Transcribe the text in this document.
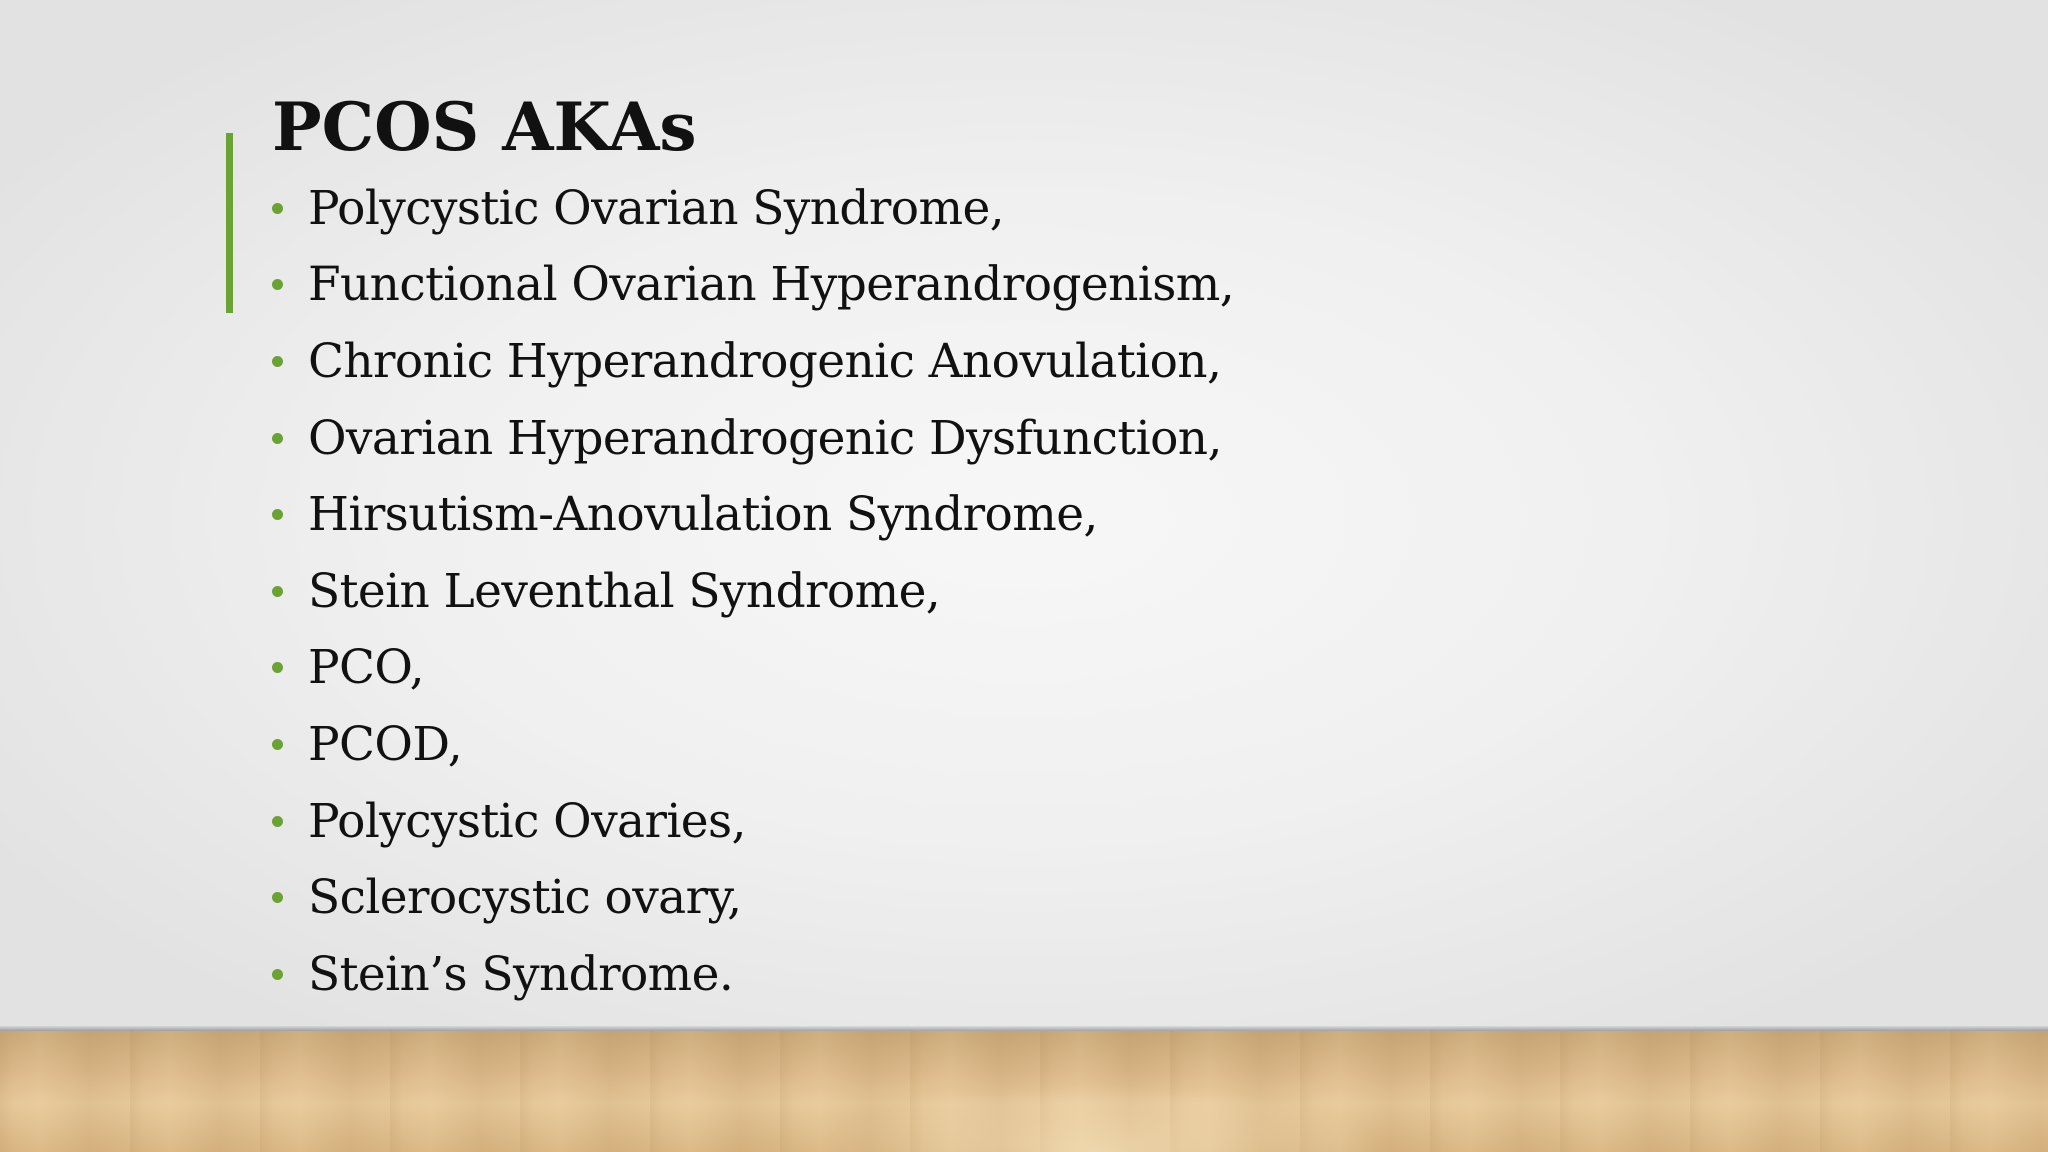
PCOS AKAs
Polycystic Ovarian Syndrome,
Functional Ovarian Hyperandrogenism,
Chronic Hyperandrogenic Anovulation,
Ovarian Hyperandrogenic Dysfunction,
Hirsutism-Anovulation Syndrome,
Stein Leventhal Syndrome,
PCO,
PCOD,
Polycystic Ovaries,
Sclerocystic ovary,
Stein’s Syndrome.
